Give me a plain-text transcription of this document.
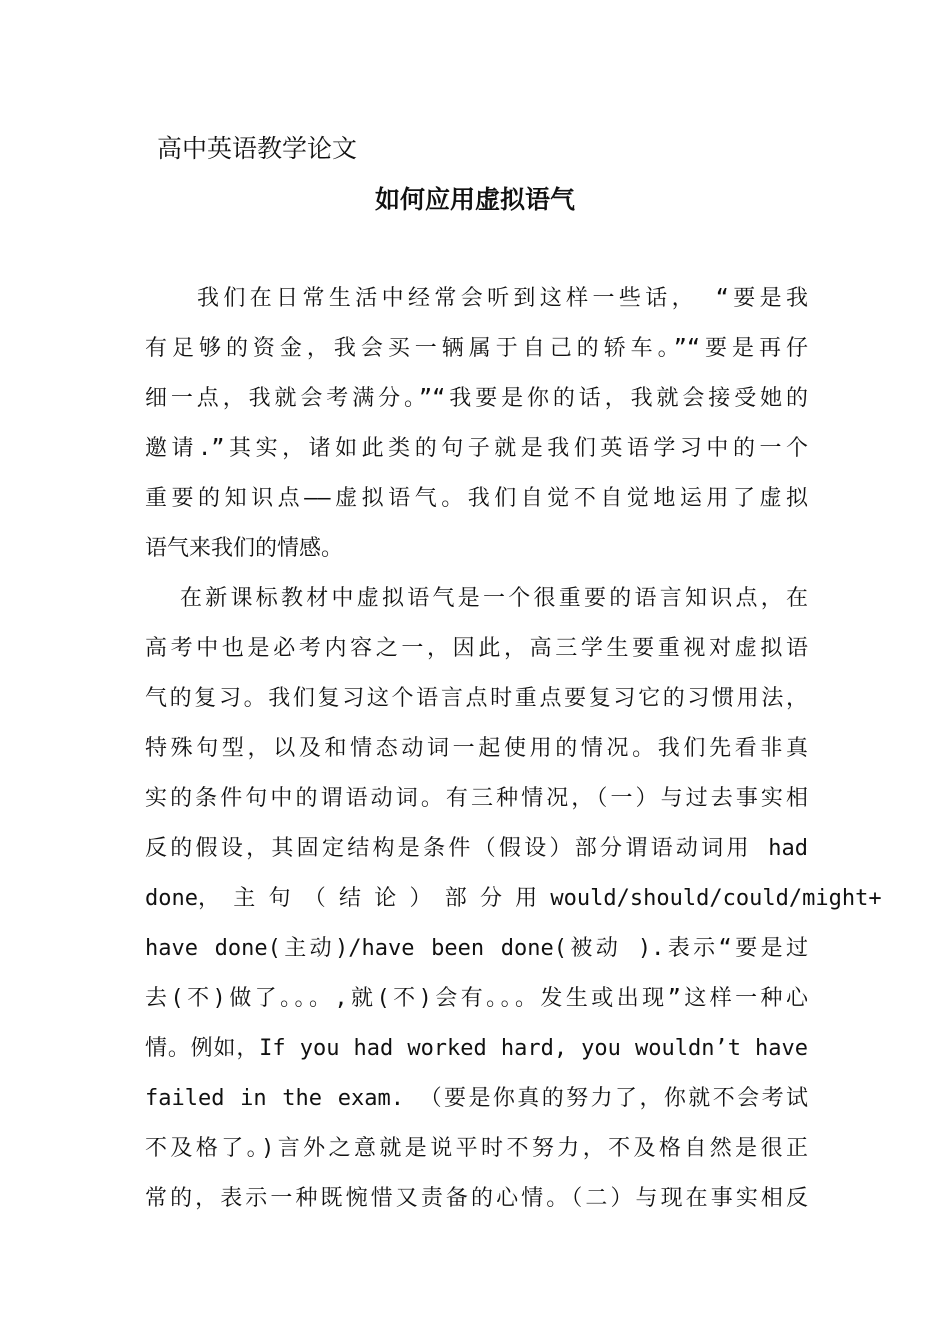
高中英语教学论文
如何应用虚拟语气
我们在日常生活中经常会听到这样一些话， “要是我
有足够的资金，我会买一辆属于自己的轿车。”“要是再仔
细一点，我就会考满分。”“我要是你的话，我就会接受她的
邀请.”其实，诸如此类的句子就是我们英语学习中的一个
重要的知识点——虚拟语气。我们自觉不自觉地运用了虚拟
语气来我们的情感。
在新课标教材中虚拟语气是一个很重要的语言知识点，在
高考中也是必考内容之一，因此，高三学生要重视对虚拟语
气的复习。我们复习这个语言点时重点要复习它的习惯用法，
特殊句型，以及和情态动词一起使用的情况。我们先看非真
实的条件句中的谓语动词。有三种情况，（一）与过去事实相
反的假设，其固定结构是条件（假设）部分谓语动词用 had
done， 主 句 （ 结 论 ） 部 分 用 would/should/could/might+
have done(主动)/have been done(被动 ).表示“要是过
去(不)做了。。。,就(不)会有。。。发生或出现”这样一种心
情。例如，If you had worked hard, you wouldn’t have
failed in the exam. （要是你真的努力了，你就不会考试
不及格了。)言外之意就是说平时不努力，不及格自然是很正
常的，表示一种既惋惜又责备的心情。（二）与现在事实相反
